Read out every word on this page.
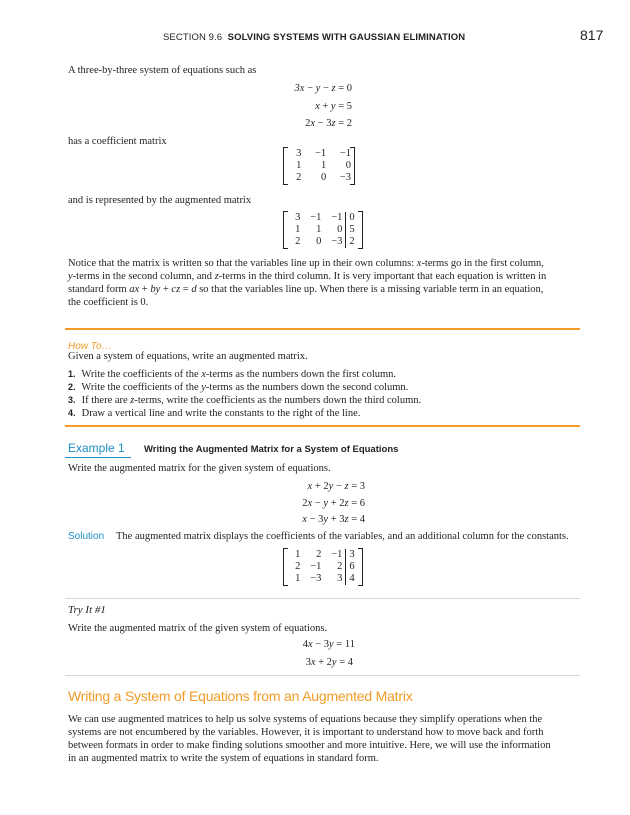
SECTION 9.6 SOLVING SYSTEMS WITH GAUSSIAN ELIMINATION	817
A three-by-three system of equations such as
3x − y − z = 0
x + y = 5
2x − 3z = 2
has a coefficient matrix
3	−1	−1
1	1	0
2	0	−3
and is represented by the augmented matrix
3	−1	−1	0
1	1	0	5
2	0	−3	2
Notice that the matrix is written so that the variables line up in their own columns: x-terms go in the first column,
y-terms in the second column, and z-terms in the third column. It is very important that each equation is written in
standard form ax + by + cz = d so that the variables line up. When there is a missing variable term in an equation,
the coefficient is 0.
How To…
Given a system of equations, write an augmented matrix.
1. Write the coefficients of the x-terms as the numbers down the first column.
2. Write the coefficients of the y-terms as the numbers down the second column.
3. If there are z-terms, write the coefficients as the numbers down the third column.
4. Draw a vertical line and write the constants to the right of the line.
Example 1 Writing the Augmented Matrix for a System of Equations
Write the augmented matrix for the given system of equations.
x + 2y − z = 3
2x − y + 2z = 6
x − 3y + 3z = 4
Solution The augmented matrix displays the coefficients of the variables, and an additional column for the constants.
1	2	−1	3
2	−1	2	6
1	−3	3	4
Try It #1
Write the augmented matrix of the given system of equations.
4x − 3y = 11
3x + 2y = 4
Writing a System of Equations from an Augmented Matrix
We can use augmented matrices to help us solve systems of equations because they simplify operations when the
systems are not encumbered by the variables. However, it is important to understand how to move back and forth
between formats in order to make finding solutions smoother and more intuitive. Here, we will use the information
in an augmented matrix to write the system of equations in standard form.
